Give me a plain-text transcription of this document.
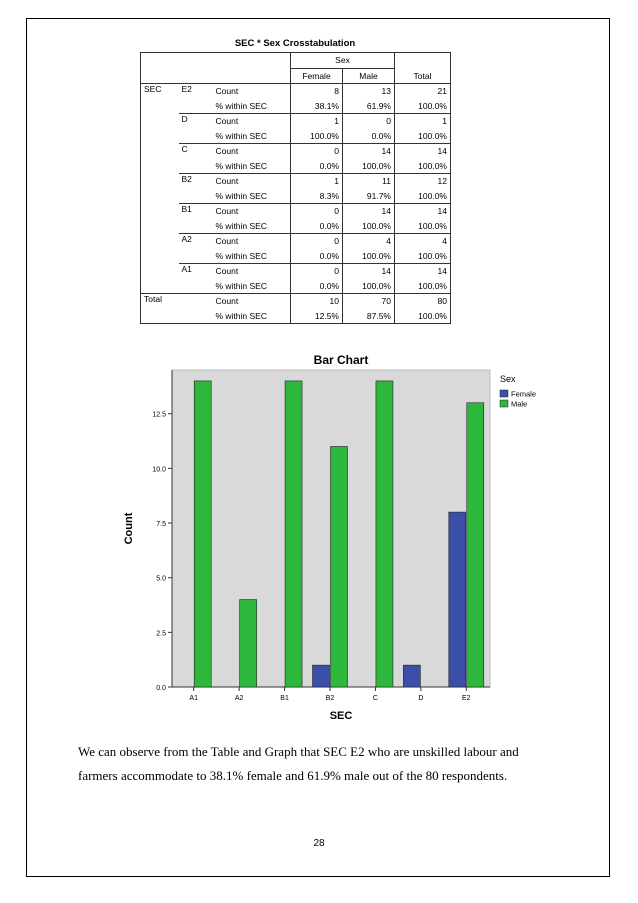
SEC * Sex Crosstabulation
			Sex		
			Female	Male	Total
SEC	E2	Count	8	13	21
		% within SEC	38.1%	61.9%	100.0%
	D	Count	1	0	1
		% within SEC	100.0%	0.0%	100.0%
	C	Count	0	14	14
		% within SEC	0.0%	100.0%	100.0%
	B2	Count	1	11	12
		% within SEC	8.3%	91.7%	100.0%
	B1	Count	0	14	14
		% within SEC	0.0%	100.0%	100.0%
	A2	Count	0	4	4
		% within SEC	0.0%	100.0%	100.0%
	A1	Count	0	14	14
		% within SEC	0.0%	100.0%	100.0%
Total		Count	10	70	80
		% within SEC	12.5%	87.5%	100.0%
Bar Chart
0.0
2.5
5.0
7.5
10.0
12.5
Count
A1	A2	B1	B2	C	D	E2
SEC
Sex
Female
Male
We can observe from the Table and Graph that SEC E2 who are unskilled labour and farmers accommodate to 38.1% female and 61.9% male out of the 80 respondents.
28
